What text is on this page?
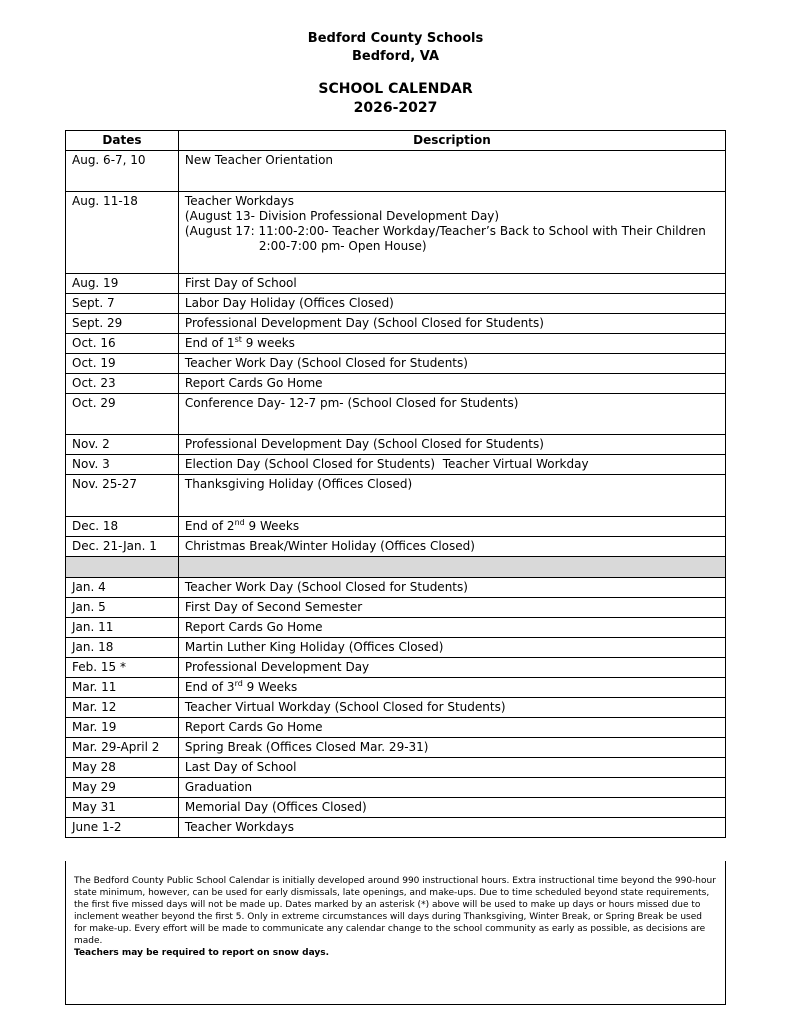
Bedford County Schools
Bedford, VA
SCHOOL CALENDAR
2026-2027
Dates	Description
Aug. 6-7, 10	New Teacher Orientation
Aug. 11-18	Teacher Workdays
(August 13- Division Professional Development Day)
(August 17: 11:00-2:00- Teacher Workday/Teacher’s Back to School with Their Children
2:00-7:00 pm- Open House)

Aug. 19	First Day of School
Sept. 7	Labor Day Holiday (Offices Closed)
Sept. 29	Professional Development Day (School Closed for Students)
Oct. 16	End of 1st 9 weeks
Oct. 19	Teacher Work Day (School Closed for Students)
Oct. 23	Report Cards Go Home
Oct. 29	Conference Day- 12-7 pm- (School Closed for Students)
Nov. 2	Professional Development Day (School Closed for Students)
Nov. 3	Election Day (School Closed for Students)  Teacher Virtual Workday
Nov. 25-27	Thanksgiving Holiday (Offices Closed)
Dec. 18	End of 2nd 9 Weeks
Dec. 21-Jan. 1	Christmas Break/Winter Holiday (Offices Closed)

Jan. 4	Teacher Work Day (School Closed for Students)
Jan. 5	First Day of Second Semester
Jan. 11	Report Cards Go Home
Jan. 18	Martin Luther King Holiday (Offices Closed)
Feb. 15 *	Professional Development Day
Mar. 11	End of 3rd 9 Weeks
Mar. 12	Teacher Virtual Workday (School Closed for Students)
Mar. 19	Report Cards Go Home
Mar. 29-April 2	Spring Break (Offices Closed Mar. 29-31)
May 28	Last Day of School
May 29	Graduation
May 31	Memorial Day (Offices Closed)
June 1-2	Teacher Workdays
The Bedford County Public School Calendar is initially developed around 990 instructional hours. Extra instructional time beyond the 990-hour state minimum, however, can be used for early dismissals, late openings, and make-ups. Due to time scheduled beyond state requirements, the first five missed days will not be made up. Dates marked by an asterisk (*) above will be used to make up days or hours missed due to inclement weather beyond the first 5. Only in extreme circumstances will days during Thanksgiving, Winter Break, or Spring Break be used for make-up. Every effort will be made to communicate any calendar change to the school community as early as possible, as decisions are made.
Teachers may be required to report on snow days.
